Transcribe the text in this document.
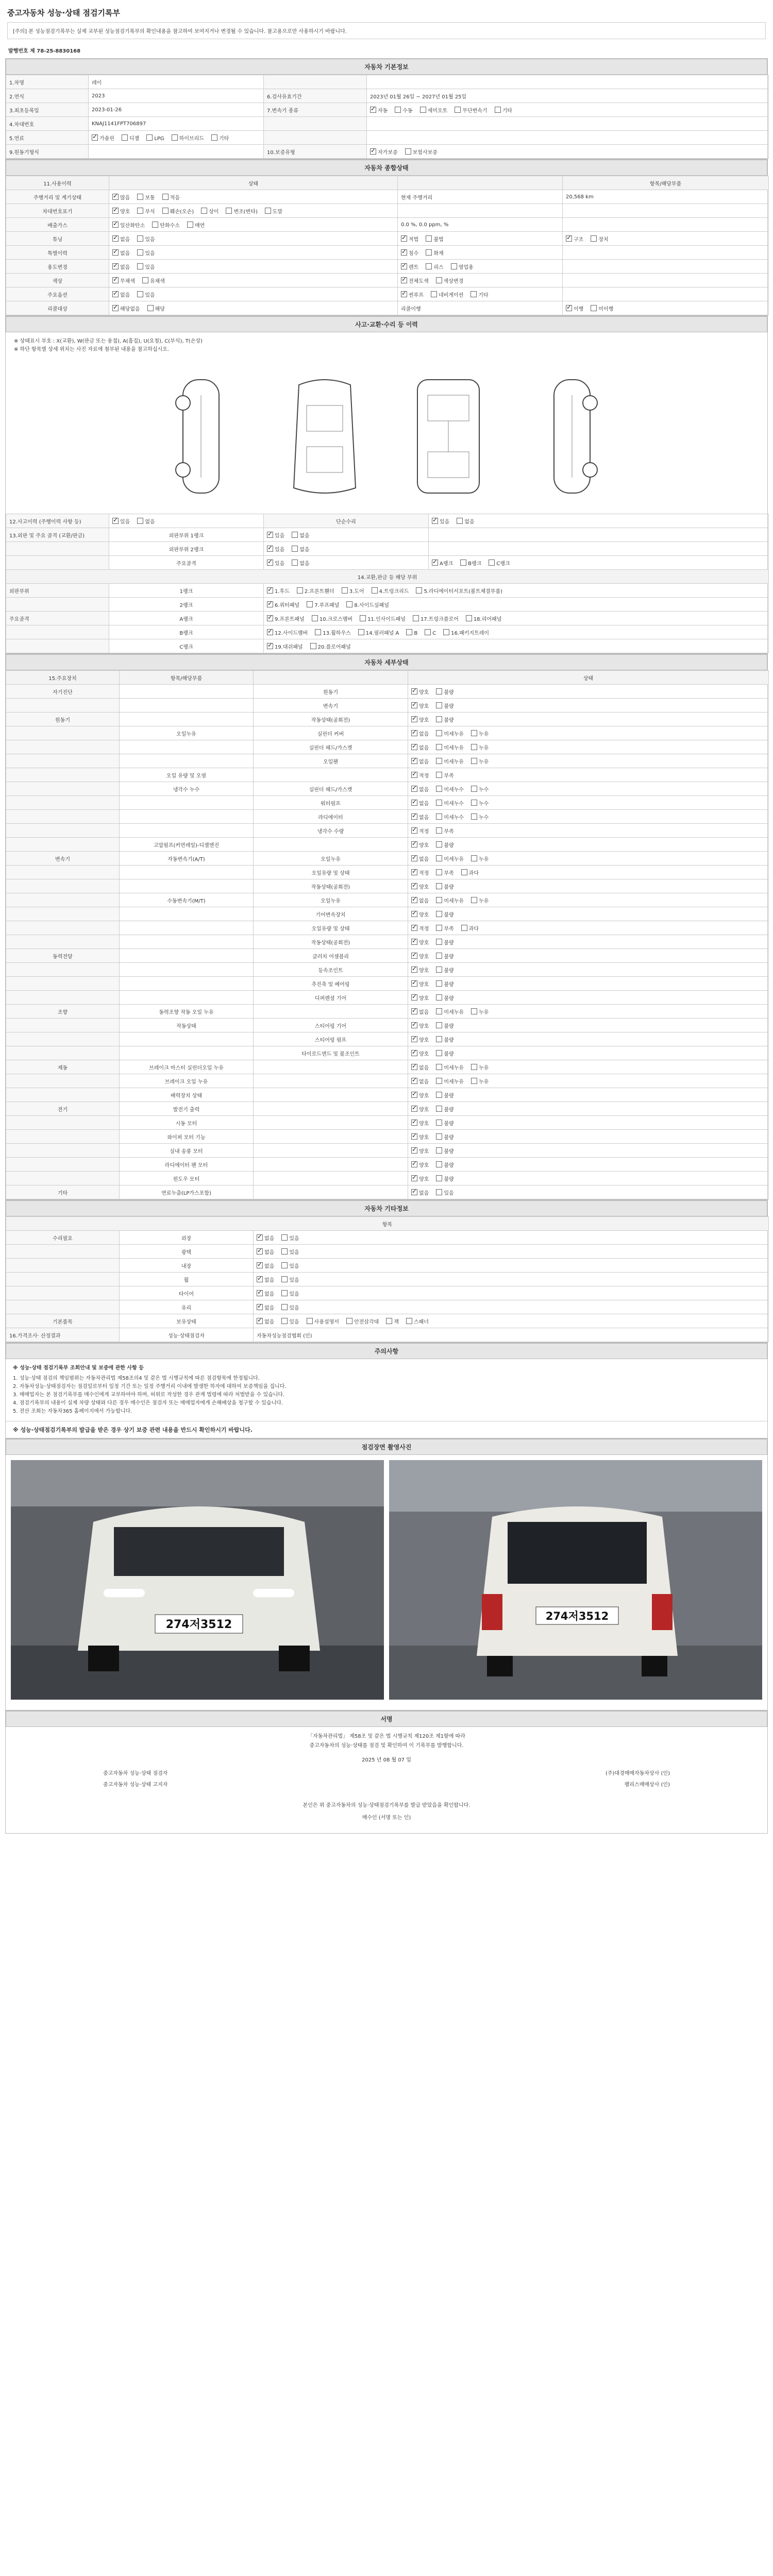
중고자동차 성능·상태 점검기록부
[주의] 본 성능점검기록부는 실제 교부된 성능점검기록부의 확인내용을 참고하여 보여지거나 변경될 수 있습니다. 참고용으로만 사용하시기 바랍니다.
발행번호 제 78-25-8830168
자동차 기본정보
1.차명	레이		
2.연식	2023	6.검사유효기간	2023년 01월 26일 ~ 2027년 01월 25일
3.최초등록일	2023-01-26	7.변속기 종류	✓자동 수동 세미오토 무단변속기 기타
4.차대번호	KNAJ1141FPT706897		
5.연료	✓가솔린 디젤 LPG 하이브리드 기타		
9.원동기형식		10.보증유형	✓자가보증 보험사보증
자동차 종합상태
11.사용이력	상태		항목/해당부품
주행거리 및 계기상태	✓많음 보통 적음	현재 주행거리	20,568 km
차대번호표기	✓양호 부식 훼손(오손) 상이 변조(변타) 도말		
배출가스	✓일산화탄소 탄화수소 매연	0.0 %, 0.0 ppm, %	
튜닝	✓없음 있음	✓적법 불법	✓구조 장치
특별이력	✓없음 있음	✓침수 화재	
용도변경	✓없음 있음	✓렌트 리스 영업용	
색상	✓무채색 유채색	✓전체도색 색상변경	
주요옵션	✓없음 있음	✓썬루프 네비게이션 기타	
리콜대상	✓해당없음 해당	리콜이행	✓이행 미이행
사고·교환·수리 등 이력
※ 상태표시 부호 : X(교환), W(판금 또는 용접), A(흠집), U(요철), C(부식), T(손상)
※ 하단 항목별 상세 위치는 사진 자료에 첨부된 내용을 참고하십시오.
12.사고이력 (주행이력 사항 등)	✓있음 없음	단순수리	✓있음 없음
13.외판 및 주요 골격 (교환/판금)	외판부위 1랭크	✓있음 없음	
	외판부위 2랭크	✓있음 없음	
	주요골격	✓있음 없음	✓A랭크 B랭크 C랭크
14.교환,판금 등 해당 부위			
외판부위	1랭크	✓1.후드 2.프론트휀더 3.도어 4.트렁크리드 5.라디에이터서포트(볼트체결부품)
	2랭크	✓6.쿼터패널 7.루프패널 8.사이드실패널
주요골격	A랭크	✓9.프론트패널 10.크로스멤버 11.인사이드패널 17.트렁크플로어 18.리어패널
	B랭크	✓12.사이드멤버 13.휠하우스 14.필러패널 A B C 16.패키지트레이
	C랭크	✓19.대쉬패널 20.플로어패널
자동차 세부상태
15.주요장치	항목/해당부품		상태
자기진단		원동기	✓양호 불량
		변속기	✓양호 불량
원동기		작동상태(공회전)	✓양호 불량
	오일누유	실린더 커버	✓없음 미세누유 누유
		실린더 헤드/가스켓	✓없음 미세누유 누유
		오일팬	✓없음 미세누유 누유
	오일 유량 및 오염		✓적정 부족
	냉각수 누수	실린더 헤드/가스켓	✓없음 미세누수 누수
		워터펌프	✓없음 미세누수 누수
		라디에이터	✓없음 미세누수 누수
		냉각수 수량	✓적정 부족
	고압펌프(커먼레일)-디젤엔진		✓양호 불량
변속기	자동변속기(A/T)	오일누유	✓없음 미세누유 누유
		오일유량 및 상태	✓적정 부족 과다
		작동상태(공회전)	✓양호 불량
	수동변속기(M/T)	오일누유	✓없음 미세누유 누유
		기어변속장치	✓양호 불량
		오일유량 및 상태	✓적정 부족 과다
		작동상태(공회전)	✓양호 불량
동력전달		클러치 어셈블리	✓양호 불량
		등속조인트	✓양호 불량
		추진축 및 베어링	✓양호 불량
		디퍼렌셜 기어	✓양호 불량
조향	동력조향 작동 오일 누유		✓없음 미세누유 누유
	작동상태	스티어링 기어	✓양호 불량
		스티어링 펌프	✓양호 불량
		타이로드엔드 및 볼조인트	✓양호 불량
제동	브레이크 마스터 실린더오일 누유		✓없음 미세누유 누유
	브레이크 오일 누유		✓없음 미세누유 누유
	배력장치 상태		✓양호 불량
전기	발전기 출력		✓양호 불량
	시동 모터		✓양호 불량
	와이퍼 모터 기능		✓양호 불량
	실내 송풍 모터		✓양호 불량
	라디에이터 팬 모터		✓양호 불량
	윈도우 모터		✓양호 불량
기타	연료누출(LP가스포함)		✓없음 있음
자동차 기타정보
항목		
수리필요	외장	✓없음 있음
	광택	✓없음 있음
	내장	✓없음 있음
	휠	✓없음 있음
	타이어	✓없음 있음
	유리	✓없음 있음
기본품목	보유상태	✓없음 있음 사용설명서 안전삼각대 잭 스패너
16.가격조사· 산정결과	성능·상태점검자	자동차성능점검협회 (인)
주의사항
※ 성능·상태 점검기록부 조회안내 및 보증에 관한 사항 등
1. 성능·상태 점검의 책임범위는 자동차관리법 제58조의4 및 같은 법 시행규칙에 따른 점검항목에 한정됩니다.
2. 자동차성능·상태점검자는 점검일로부터 일정 기간 또는 일정 주행거리 이내에 발생한 하자에 대하여 보증책임을 집니다.
3. 매매업자는 본 점검기록부를 매수인에게 교부하여야 하며, 허위로 작성한 경우 관계 법령에 따라 처벌받을 수 있습니다.
4. 점검기록부의 내용이 실제 차량 상태와 다른 경우 매수인은 점검자 또는 매매업자에게 손해배상을 청구할 수 있습니다.
5. 전산 조회는 자동차365 홈페이지에서 가능합니다.
※ 성능·상태점검기록부의 발급을 받은 경우 상기 보증 관련 내용을 반드시 확인하시기 바랍니다.
점검장면 촬영사진
274저3512
274저3512
서명
「자동차관리법」 제58조 및 같은 법 시행규칙 제120조 제1항에 따라
중고자동차의 성능·상태를 점검 및 확인하여 이 기록부를 발행합니다.
2025 년 08 월 07 일
중고자동차 성능·상태 점검자	(주)대경매매자동차상사 (인)
중고자동차 성능·상태 고지자	팰리스매매상사 (인)
본인은 위 중고자동차의 성능·상태점검기록부를 발급 받았음을 확인합니다.
매수인 (서명 또는 인)
